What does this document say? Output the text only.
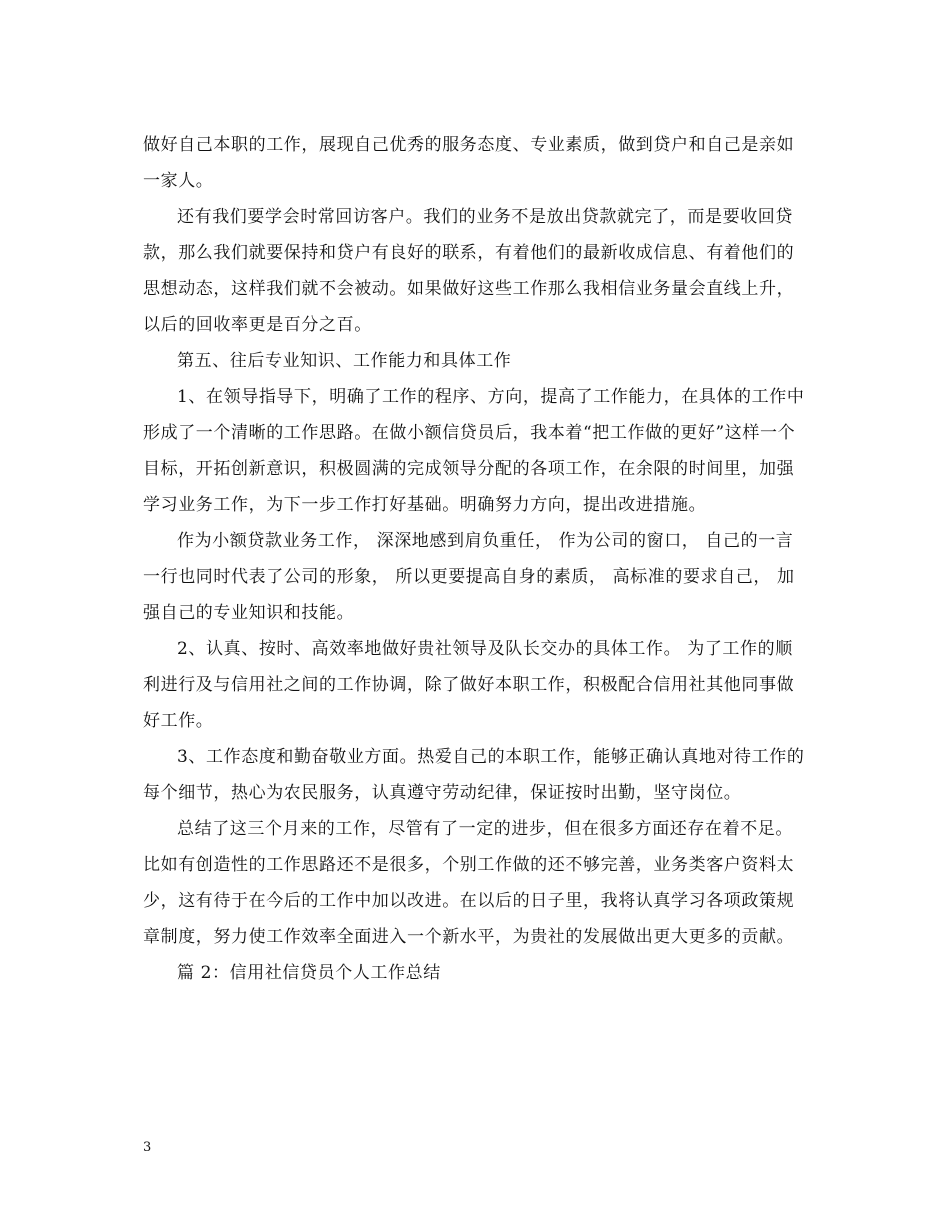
做好自己本职的工作，展现自己优秀的服务态度、专业素质，做到贷户和自己是亲如一家人。

还有我们要学会时常回访客户。我们的业务不是放出贷款就完了，而是要收回贷款，那么我们就要保持和贷户有良好的联系，有着他们的最新收成信息、有着他们的思想动态，这样我们就不会被动。如果做好这些工作那么我相信业务量会直线上升，以后的回收率更是百分之百。

第五、往后专业知识、工作能力和具体工作

1、在领导指导下，明确了工作的程序、方向，提高了工作能力，在具体的工作中形成了一个清晰的工作思路。在做小额信贷员后，我本着“把工作做的更好”这样一个目标，开拓创新意识，积极圆满的完成领导分配的各项工作，在余限的时间里，加强学习业务工作，为下一步工作打好基础。明确努力方向，提出改进措施。

作为小额贷款业务工作， 深深地感到肩负重任， 作为公司的窗口， 自己的一言一行也同时代表了公司的形象， 所以更要提高自身的素质， 高标准的要求自己， 加强自己的专业知识和技能。

2、认真、按时、高效率地做好贵社领导及队长交办的具体工作。 为了工作的顺利进行及与信用社之间的工作协调，除了做好本职工作，积极配合信用社其他同事做好工作。

3、工作态度和勤奋敬业方面。热爱自己的本职工作，能够正确认真地对待工作的每个细节，热心为农民服务，认真遵守劳动纪律，保证按时出勤，坚守岗位。

总结了这三个月来的工作，尽管有了一定的进步，但在很多方面还存在着不足。比如有创造性的工作思路还不是很多，个别工作做的还不够完善，业务类客户资料太少，这有待于在今后的工作中加以改进。在以后的日子里，我将认真学习各项政策规章制度，努力使工作效率全面进入一个新水平，为贵社的发展做出更大更多的贡献。

篇 2：信用社信贷员个人工作总结

3
